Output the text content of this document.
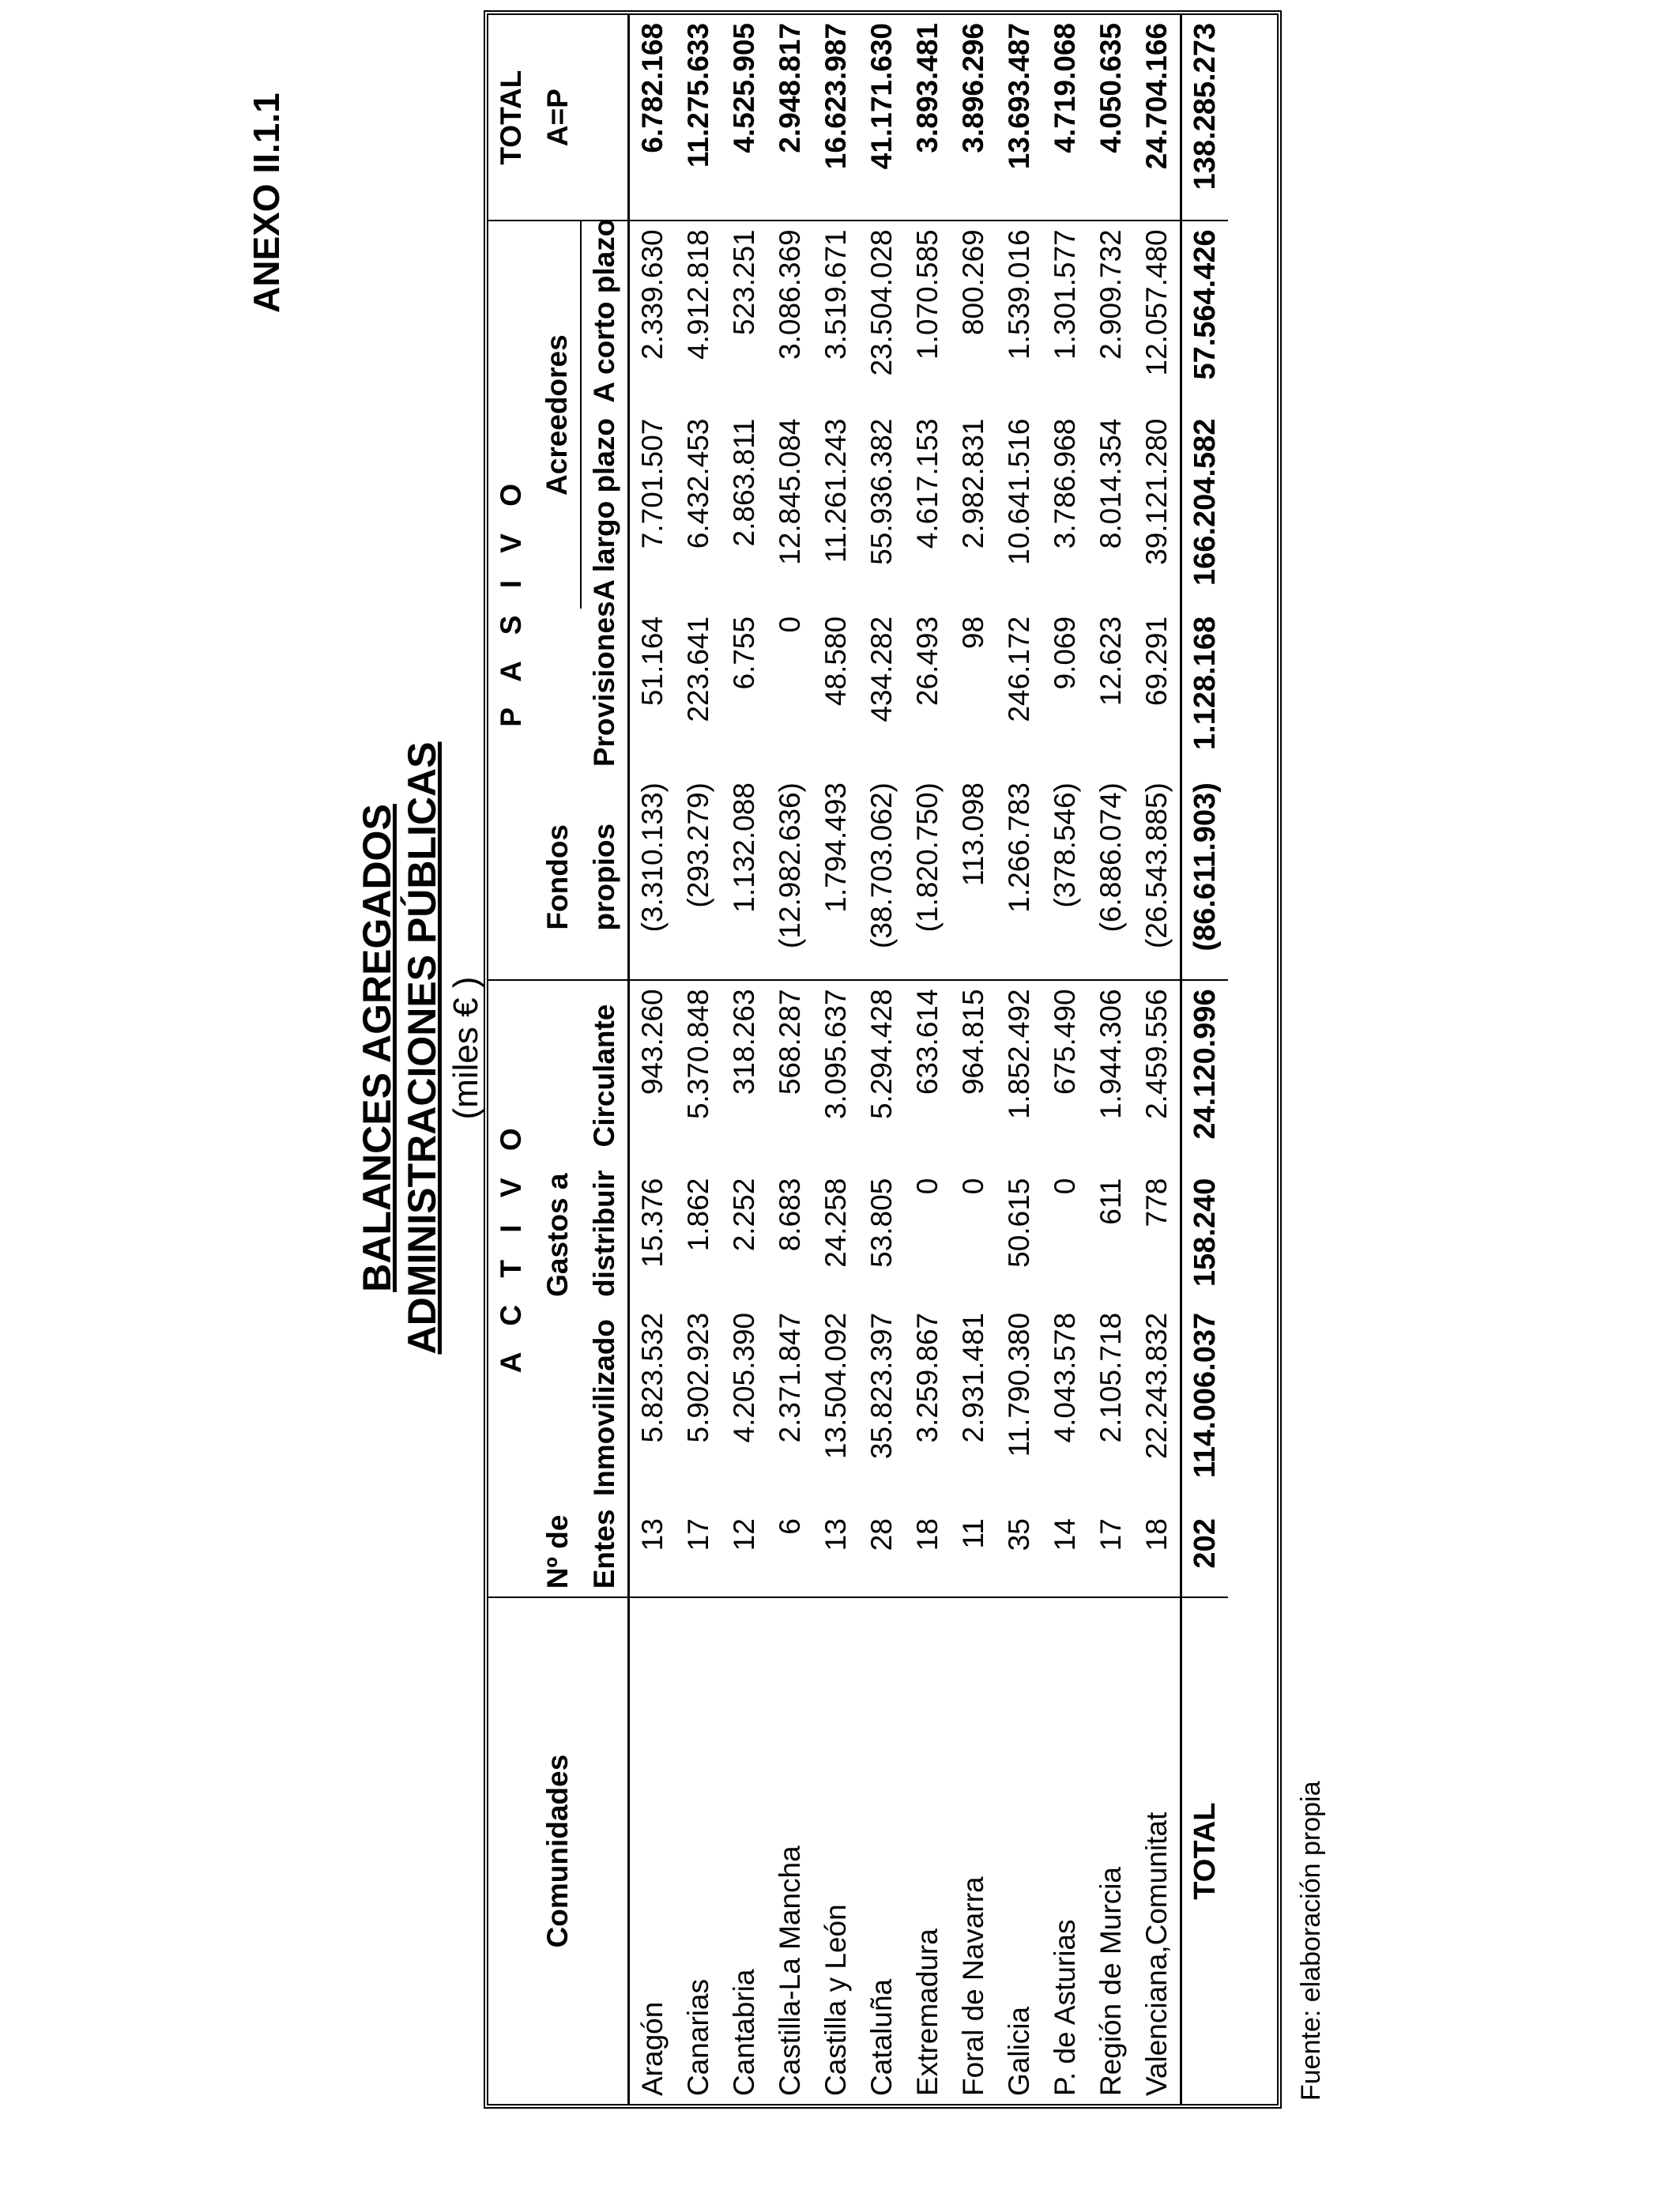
ANEXO II.1.1
BALANCES AGREGADOS ADMINISTRACIONES PÚBLICAS (miles € )
		A C T I V O			P A S I V O				TOTAL
Comunidades	Nº de		Gastos a		Fondos		Acreedores		A=P
	Entes	Inmovilizado	distribuir	Circulante	propios	Provisiones	A largo plazo	A corto plazo	
Aragón	13	5.823.532	15.376	943.260	(3.310.133)	51.164	7.701.507	2.339.630	6.782.168
Canarias	17	5.902.923	1.862	5.370.848	(293.279)	223.641	6.432.453	4.912.818	11.275.633
Cantabria	12	4.205.390	2.252	318.263	1.132.088	6.755	2.863.811	523.251	4.525.905
Castilla-La Mancha	6	2.371.847	8.683	568.287	(12.982.636)	0	12.845.084	3.086.369	2.948.817
Castilla y León	13	13.504.092	24.258	3.095.637	1.794.493	48.580	11.261.243	3.519.671	16.623.987
Cataluña	28	35.823.397	53.805	5.294.428	(38.703.062)	434.282	55.936.382	23.504.028	41.171.630
Extremadura	18	3.259.867	0	633.614	(1.820.750)	26.493	4.617.153	1.070.585	3.893.481
Foral de Navarra	11	2.931.481	0	964.815	113.098	98	2.982.831	800.269	3.896.296
Galicia	35	11.790.380	50.615	1.852.492	1.266.783	246.172	10.641.516	1.539.016	13.693.487
P. de Asturias	14	4.043.578	0	675.490	(378.546)	9.069	3.786.968	1.301.577	4.719.068
Región de Murcia	17	2.105.718	611	1.944.306	(6.886.074)	12.623	8.014.354	2.909.732	4.050.635
Valenciana,Comunitat	18	22.243.832	778	2.459.556	(26.543.885)	69.291	39.121.280	12.057.480	24.704.166
TOTAL	202	114.006.037	158.240	24.120.996	(86.611.903)	1.128.168	166.204.582	57.564.426	138.285.273
Fuente: elaboración propia
